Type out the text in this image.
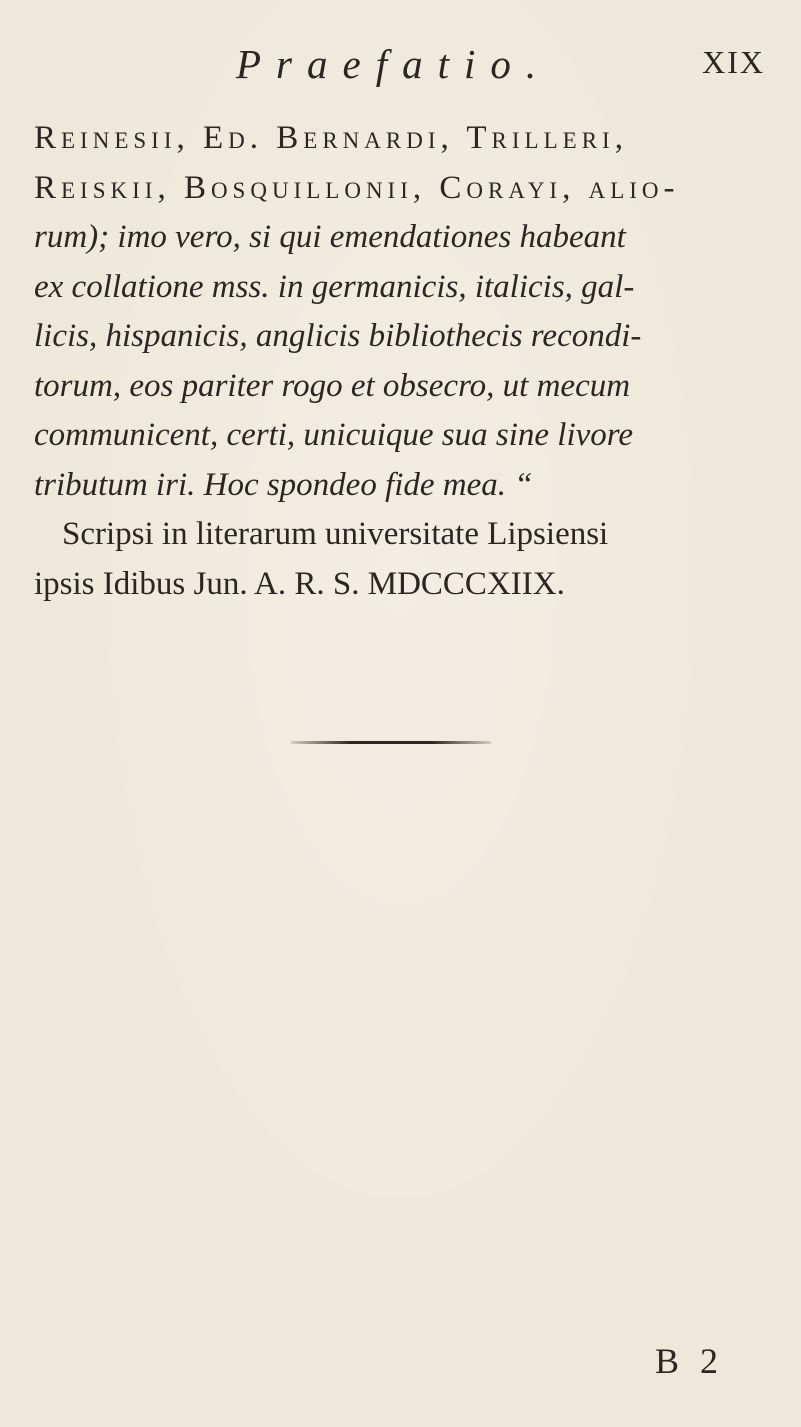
Praefatio.	XIX
Reinesii, Ed. Bernardi, Trilleri,
Reiskii, Bosquillonii, Corayi, alio-
rum); imo vero, si qui emendationes habeant
ex collatione mss. in germanicis, italicis, gal-
licis, hispanicis, anglicis bibliothecis recondi-
torum, eos pariter rogo et obsecro, ut mecum
communicent, certi, unicuique sua sine livore
tributum iri. Hoc spondeo fide mea. “
Scripsi in literarum universitate Lipsiensi
ipsis Idibus Jun. A. R. S. MDCCCXIIX.
B 2
